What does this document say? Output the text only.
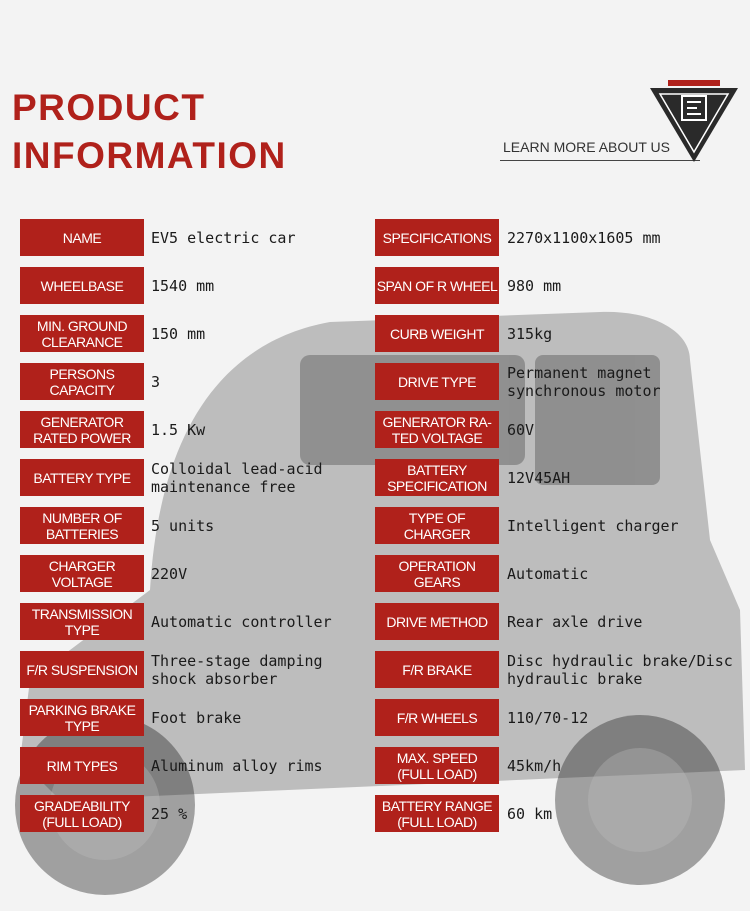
PRODUCT
INFORMATION	LEARN MORE ABOUT US
NAME	EV5 electric car
WHEELBASE	1540 mm
MIN. GROUND
CLEARANCE	150 mm
PERSONS
CAPACITY	3
GENERATOR
RATED POWER	1.5 Kw
BATTERY TYPE	Colloidal lead-acid
maintenance free
NUMBER OF
BATTERIES	5 units
CHARGER
VOLTAGE	220V
TRANSMISSION
TYPE	Automatic controller
F/R SUSPENSION Three-stage damping
shock absorber
PARKING BRAKE
TYPE	Foot brake
RIM TYPES	Aluminum alloy rims
GRADEABILITY
(FULL LOAD)	25 %
SPECIFICATIONS	2270x1100x1605 mm
SPAN OF R WHEEL 980 mm
CURB WEIGHT	315kg
DRIVE TYPE	Permanent magnet
synchronous motor
GENERATOR RA-
TED VOLTAGE	60V
BATTERY
SPECIFICATION	12V45AH
TYPE OF
CHARGER	Intelligent charger
OPERATION
GEARS	Automatic
DRIVE METHOD	Rear axle drive
F/R BRAKE	Disc hydraulic brake/Disc
hydraulic brake
F/R WHEELS	110/70-12
MAX. SPEED
(FULL LOAD)	45km/h
BATTERY RANGE
(FULL LOAD)	60 km
